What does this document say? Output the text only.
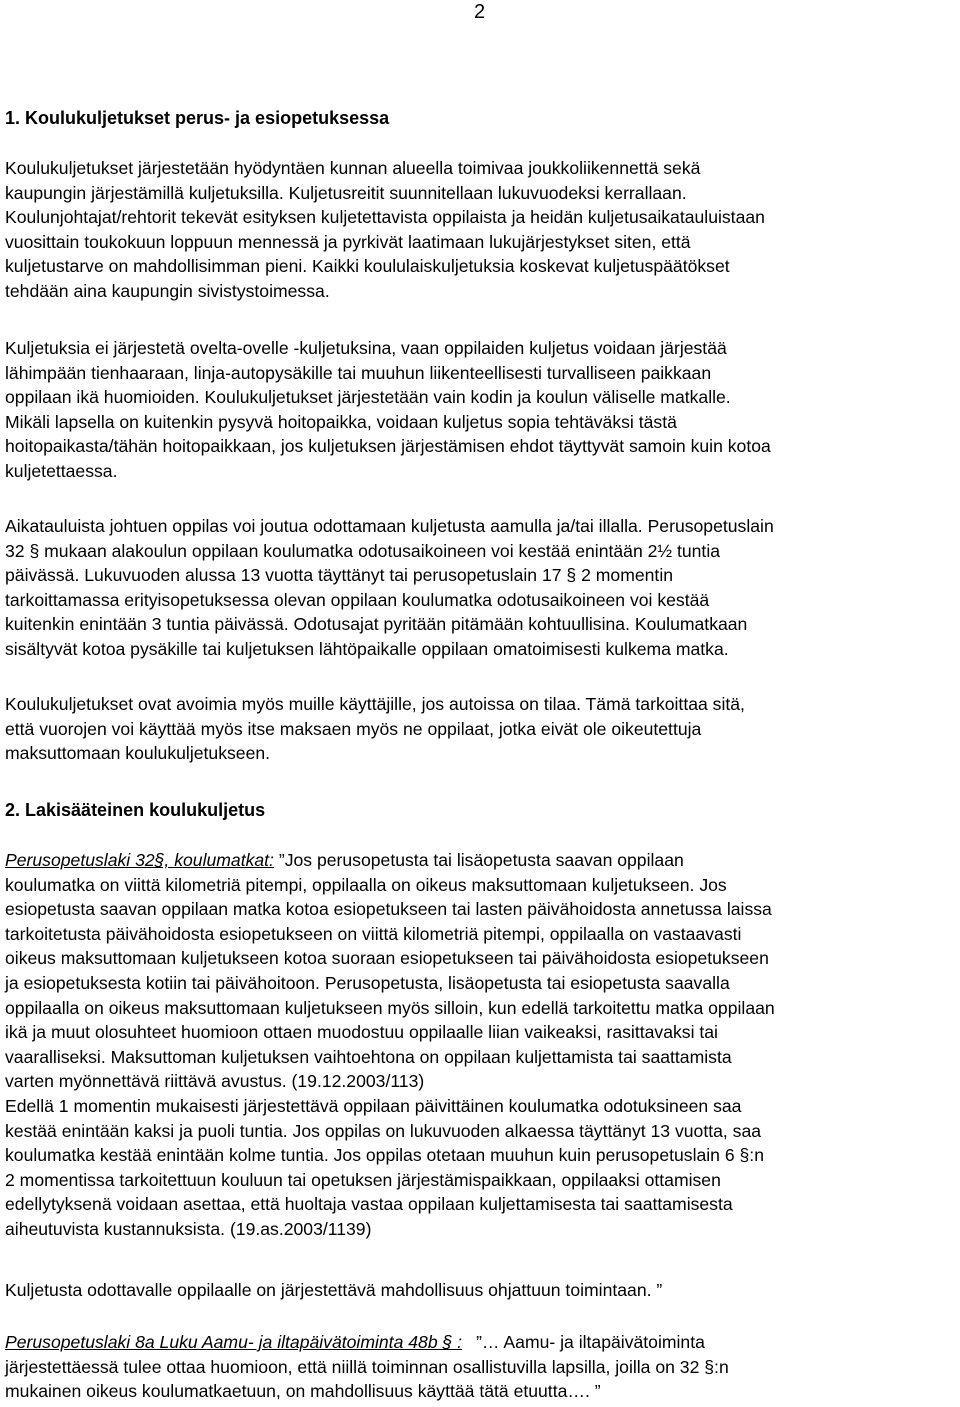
2
1. Koulukuljetukset perus- ja esiopetuksessa

Koulukuljetukset järjestetään hyödyntäen kunnan alueella toimivaa joukkoliikennettä sekä

kaupungin järjestämillä kuljetuksilla. Kuljetusreitit suunnitellaan lukuvuodeksi kerrallaan.

Koulunjohtajat/rehtorit tekevät esityksen kuljetettavista oppilaista ja heidän kuljetusaikatauluistaan

vuosittain toukokuun loppuun mennessä ja pyrkivät laatimaan lukujärjestykset siten, että

kuljetustarve on mahdollisimman pieni. Kaikki koululaiskuljetuksia koskevat kuljetuspäätökset

tehdään aina kaupungin sivistystoimessa.

Kuljetuksia ei järjestetä ovelta-ovelle -kuljetuksina, vaan oppilaiden kuljetus voidaan järjestää

lähimpään tienhaaraan, linja-autopysäkille tai muuhun liikenteellisesti turvalliseen paikkaan

oppilaan ikä huomioiden. Koulukuljetukset järjestetään vain kodin ja koulun väliselle matkalle.

Mikäli lapsella on kuitenkin pysyvä hoitopaikka, voidaan kuljetus sopia tehtäväksi tästä

hoitopaikasta/tähän hoitopaikkaan, jos kuljetuksen järjestämisen ehdot täyttyvät samoin kuin kotoa

kuljetettaessa.

Aikatauluista johtuen oppilas voi joutua odottamaan kuljetusta aamulla ja/tai illalla. Perusopetuslain

32 § mukaan alakoulun oppilaan koulumatka odotusaikoineen voi kestää enintään 2½ tuntia

päivässä. Lukuvuoden alussa 13 vuotta täyttänyt tai perusopetuslain 17 § 2 momentin

tarkoittamassa erityisopetuksessa olevan oppilaan koulumatka odotusaikoineen voi kestää

kuitenkin enintään 3 tuntia päivässä. Odotusajat pyritään pitämään kohtuullisina. Koulumatkaan

sisältyvät kotoa pysäkille tai kuljetuksen lähtöpaikalle oppilaan omatoimisesti kulkema matka.

Koulukuljetukset ovat avoimia myös muille käyttäjille, jos autoissa on tilaa. Tämä tarkoittaa sitä,

että vuorojen voi käyttää myös itse maksaen myös ne oppilaat, jotka eivät ole oikeutettuja

maksuttomaan koulukuljetukseen.

2. Lakisääteinen koulukuljetus

Perusopetuslaki 32§, koulumatkat: ”Jos perusopetusta tai lisäopetusta saavan oppilaan

koulumatka on viittä kilometriä pitempi, oppilaalla on oikeus maksuttomaan kuljetukseen. Jos

esiopetusta saavan oppilaan matka kotoa esiopetukseen tai lasten päivähoidosta annetussa laissa

tarkoitetusta päivähoidosta esiopetukseen on viittä kilometriä pitempi, oppilaalla on vastaavasti

oikeus maksuttomaan kuljetukseen kotoa suoraan esiopetukseen tai päivähoidosta esiopetukseen

ja esiopetuksesta kotiin tai päivähoitoon. Perusopetusta, lisäopetusta tai esiopetusta saavalla

oppilaalla on oikeus maksuttomaan kuljetukseen myös silloin, kun edellä tarkoitettu matka oppilaan

ikä ja muut olosuhteet huomioon ottaen muodostuu oppilaalle liian vaikeaksi, rasittavaksi tai

vaaralliseksi. Maksuttoman kuljetuksen vaihtoehtona on oppilaan kuljettamista tai saattamista

varten myönnettävä riittävä avustus. (19.12.2003/113)

Edellä 1 momentin mukaisesti järjestettävä oppilaan päivittäinen koulumatka odotuksineen saa

kestää enintään kaksi ja puoli tuntia. Jos oppilas on lukuvuoden alkaessa täyttänyt 13 vuotta, saa

koulumatka kestää enintään kolme tuntia. Jos oppilas otetaan muuhun kuin perusopetuslain 6 §:n

2 momentissa tarkoitettuun kouluun tai opetuksen järjestämispaikkaan, oppilaaksi ottamisen

edellytyksenä voidaan asettaa, että huoltaja vastaa oppilaan kuljettamisesta tai saattamisesta

aiheutuvista kustannuksista. (19.as.2003/1139)

Kuljetusta odottavalle oppilaalle on järjestettävä mahdollisuus ohjattuun toimintaan. ”

Perusopetuslaki 8a Luku Aamu- ja iltapäivätoiminta 48b § : ”… Aamu- ja iltapäivätoiminta

järjestettäessä tulee ottaa huomioon, että niillä toiminnan osallistuvilla lapsilla, joilla on 32 §:n

mukainen oikeus koulumatkaetuun, on mahdollisuus käyttää tätä etuutta…. ”
